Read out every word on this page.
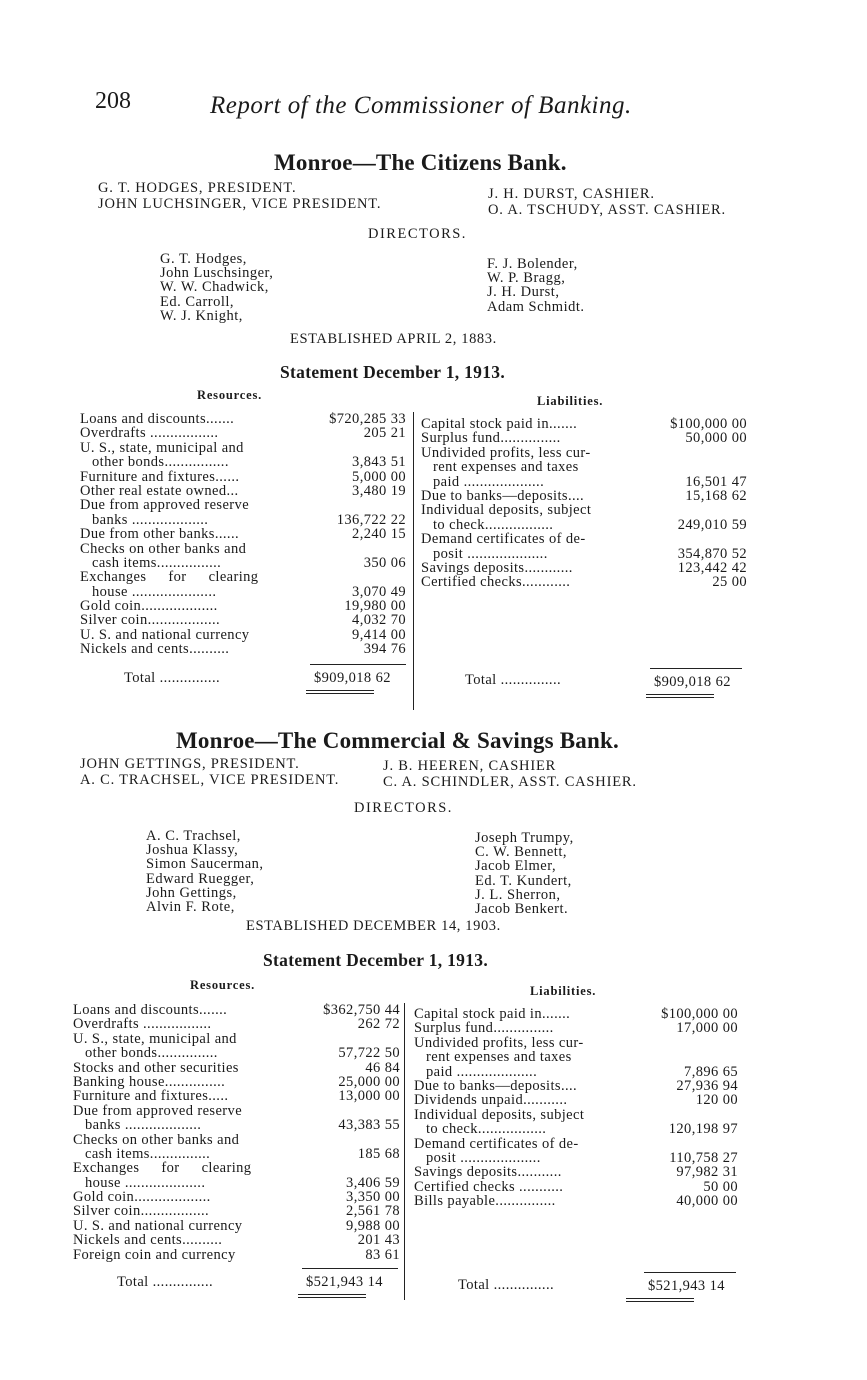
208	Report of the Commissioner of Banking.
Monroe—The Citizens Bank.
G. T. HODGES, PRESIDENT.
JOHN LUCHSINGER, VICE PRESIDENT.
J. H. DURST, CASHIER.
O. A. TSCHUDY, ASST. CASHIER.
DIRECTORS.
G. T. Hodges,
John Luschsinger,
W. W. Chadwick,
Ed. Carroll,
W. J. Knight,
F. J. Bolender,
W. P. Bragg,
J. H. Durst,
Adam Schmidt.
ESTABLISHED APRIL 2, 1883.
Statement December 1, 1913.
Resources.	Liabilities.
Loans and discounts.......	$720,285 33
Overdrafts .................	205 21
U. S., state, municipal and
other bonds................	3,843 51
Furniture and fixtures......	5,000 00
Other real estate owned...	3,480 19
Due from approved reserve
banks ...................	136,722 22
Due from other banks......	2,240 15
Checks on other banks and
cash items................	350 06
Exchanges for clearing
house .....................	3,070 49
Gold coin...................	19,980 00
Silver coin..................	4,032 70
U. S. and national currency	9,414 00
Nickels and cents..........	394 76
Capital stock paid in.......	$100,000 00
Surplus fund...............	50,000 00
Undivided profits, less cur-
rent expenses and taxes
paid ....................	16,501 47
Due to banks—deposits....	15,168 62
Individual deposits, subject
to check.................	249,010 59
Demand certificates of de-
posit ....................	354,870 52
Savings deposits............	123,442 42
Certified checks............	25 00
Total ...............	$909,018 62	Total ...............	$909,018 62
Monroe—The Commercial & Savings Bank.
JOHN GETTINGS, PRESIDENT.
A. C. TRACHSEL, VICE PRESIDENT.
J. B. HEEREN, CASHIER
C. A. SCHINDLER, ASST. CASHIER.
DIRECTORS.
A. C. Trachsel,
Joshua Klassy,
Simon Saucerman,
Edward Ruegger,
John Gettings,
Alvin F. Rote,
Joseph Trumpy,
C. W. Bennett,
Jacob Elmer,
Ed. T. Kundert,
J. L. Sherron,
Jacob Benkert.
ESTABLISHED DECEMBER 14, 1903.
Statement December 1, 1913.
Resources.	Liabilities.
Loans and discounts.......	$362,750 44
Overdrafts .................	262 72
U. S., state, municipal and
other bonds...............	57,722 50
Stocks and other securities	46 84
Banking house...............	25,000 00
Furniture and fixtures.....	13,000 00
Due from approved reserve
banks ...................	43,383 55
Checks on other banks and
cash items...............	185 68
Exchanges for clearing
house ....................	3,406 59
Gold coin...................	3,350 00
Silver coin.................	2,561 78
U. S. and national currency	9,988 00
Nickels and cents..........	201 43
Foreign coin and currency	83 61
Capital stock paid in.......	$100,000 00
Surplus fund...............	17,000 00
Undivided profits, less cur-
rent expenses and taxes
paid ....................	7,896 65
Due to banks—deposits....	27,936 94
Dividends unpaid...........	120 00
Individual deposits, subject
to check.................	120,198 97
Demand certificates of de-
posit ....................	110,758 27
Savings deposits...........	97,982 31
Certified checks ...........	50 00
Bills payable...............	40,000 00
Total ...............	$521,943 14	Total ...............	$521,943 14
